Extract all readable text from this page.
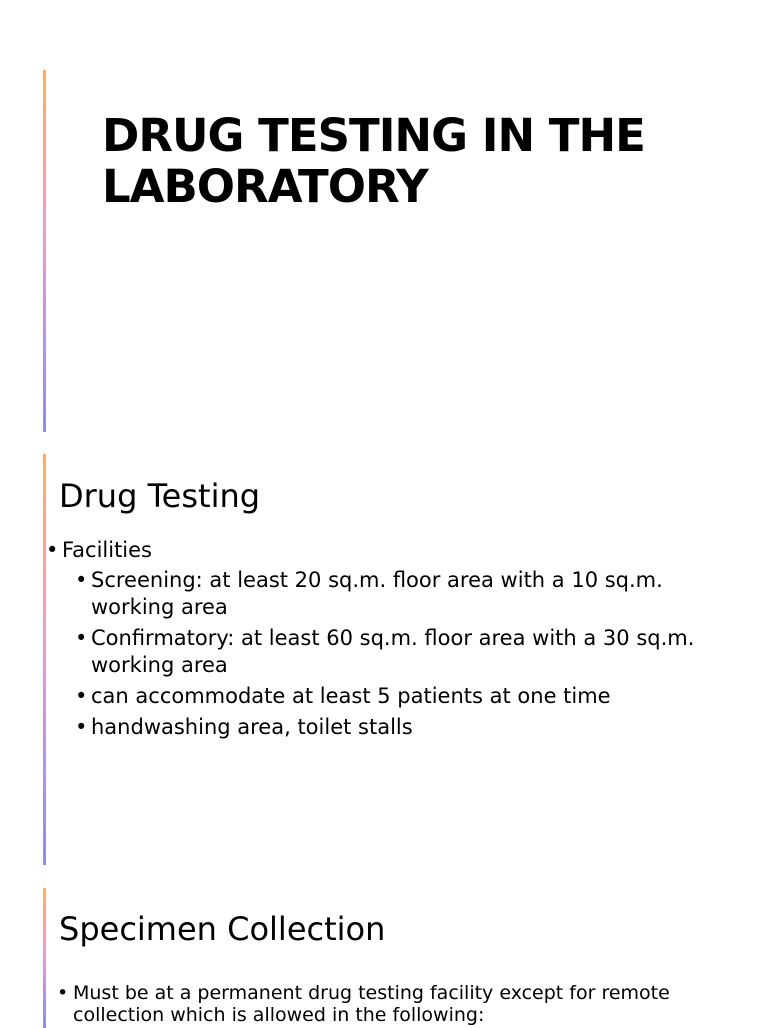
DRUG TESTING IN THE LABORATORY
Drug Testing
• Facilities
• Screening: at least 20 sq.m. floor area with a 10 sq.m. working area
• Confirmatory: at least 60 sq.m. floor area with a 30 sq.m. working area
• can accommodate at least 5 patients at one time
• handwashing area, toilet stalls
Specimen Collection
• Must be at a permanent drug testing facility except for remote collection which is allowed in the following:
